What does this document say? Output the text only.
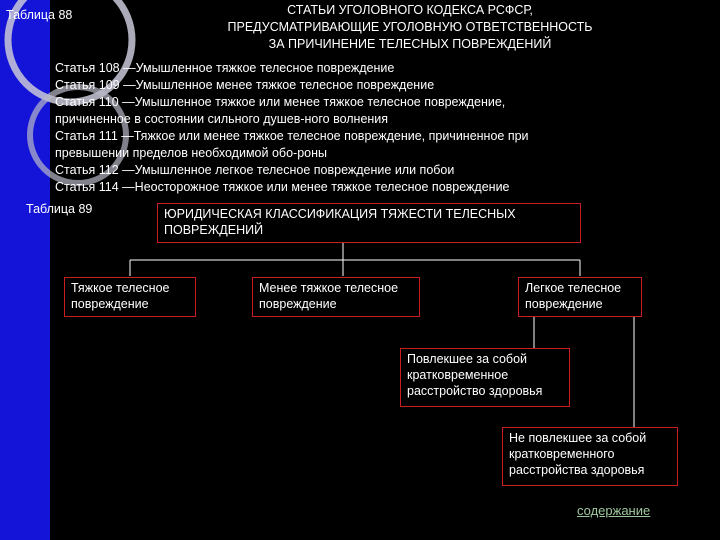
Таблица 88	СТАТЬИ УГОЛОВНОГО КОДЕКСА РСФСР,
ПРЕДУСМАТРИВАЮЩИЕ УГОЛОВНУЮ ОТВЕТСТВЕННОСТЬ
ЗА ПРИЧИНЕНИЕ ТЕЛЕСНЫХ ПОВРЕЖДЕНИЙ
Статья 108 —Умышленное тяжкое телесное повреждение
Статья 109 —Умышленное менее тяжкое телесное повреждение
Статья 110 —Умышленное тяжкое или менее тяжкое телесное повреждение,
причиненное в состоянии сильного душев-ного волнения
Статья 111 —Тяжкое или менее тяжкое телесное повреждение, причиненное при
превышении пределов необходимой обо-роны
Статья 112 —Умышленное легкое телесное повреждение или побои
Статья 114 —Неосторожное тяжкое или менее тяжкое телесное повреждение
Таблица 89	ЮРИДИЧЕСКАЯ КЛАССИФИКАЦИЯ ТЯЖЕСТИ ТЕЛЕСНЫХ ПОВРЕЖДЕНИЙ
Тяжкое телесное повреждение
Менее тяжкое телесное повреждение
Легкое телесное повреждение
Повлекшее за собой кратковременное расстройство здоровья
Не повлекшее за собой кратковременного расстройства здоровья
содержание
